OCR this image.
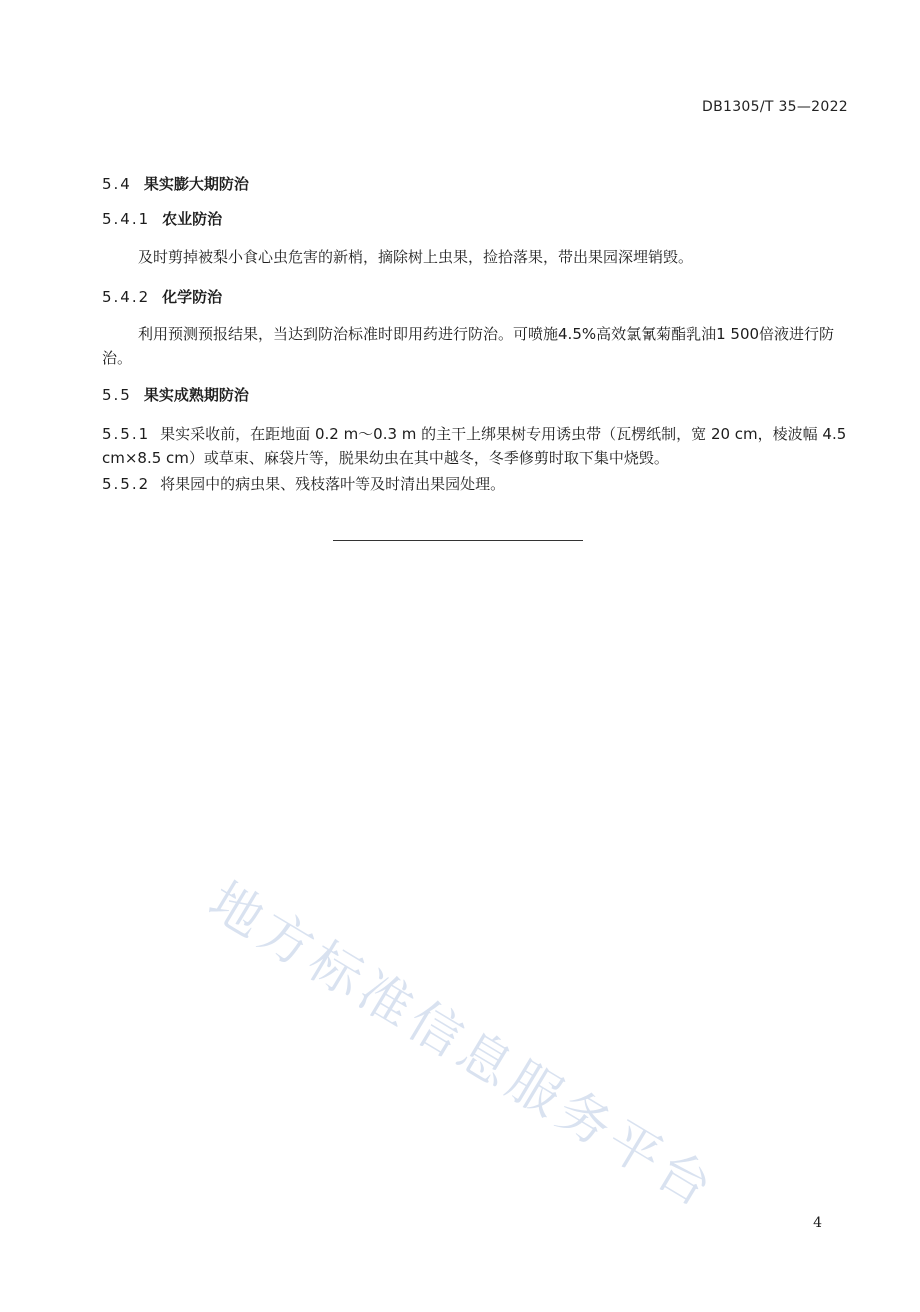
DB1305/T 35—2022
5.4 果实膨大期防治
5.4.1 农业防治
及时剪掉被梨小食心虫危害的新梢，摘除树上虫果，捡拾落果，带出果园深埋销毁。
5.4.2 化学防治
利用预测预报结果，当达到防治标准时即用药进行防治。可喷施4.5%高效氯氰菊酯乳油1 500倍液进行防治。
5.5 果实成熟期防治
5.5.1 果实采收前，在距地面 0.2 m～0.3 m 的主干上绑果树专用诱虫带（瓦楞纸制，宽 20 cm，棱波幅 4.5 cm×8.5 cm）或草束、麻袋片等，脱果幼虫在其中越冬，冬季修剪时取下集中烧毁。
5.5.2 将果园中的病虫果、残枝落叶等及时清出果园处理。
地方标准信息服务平台
4
